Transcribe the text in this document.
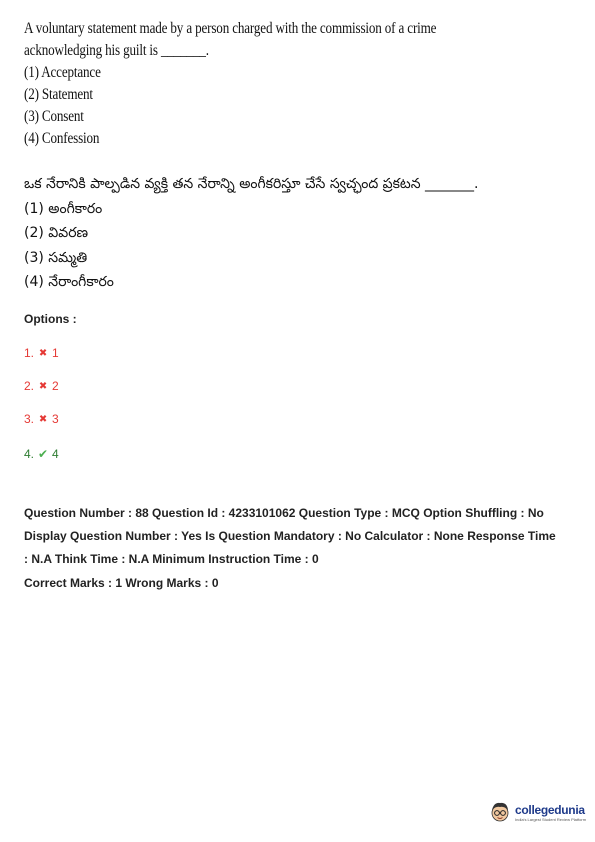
A voluntary statement made by a person charged with the commission of a crime
acknowledging his guilt is _______.
(1) Acceptance
(2) Statement
(3) Consent
(4) Confession
ఒక నేరానికి పాల్పడిన వ్యక్తి తన నేరాన్ని అంగీకరిస్తూ చేసే స్వచ్ఛంద ప్రకటన _______.
(1) అంగీకారం
(2) వివరణ
(3) సమ్మతి
(4) నేరాంగీకారం
Options :
1. ✖ 1
2. ✖ 2
3. ✖ 3
4. ✔ 4
Question Number : 88 Question Id : 4233101062 Question Type : MCQ Option Shuffling : No
Display Question Number : Yes Is Question Mandatory : No Calculator : None Response Time
: N.A Think Time : N.A Minimum Instruction Time : 0
Correct Marks : 1 Wrong Marks : 0
collegedunia
India's Largest Student Review Platform
